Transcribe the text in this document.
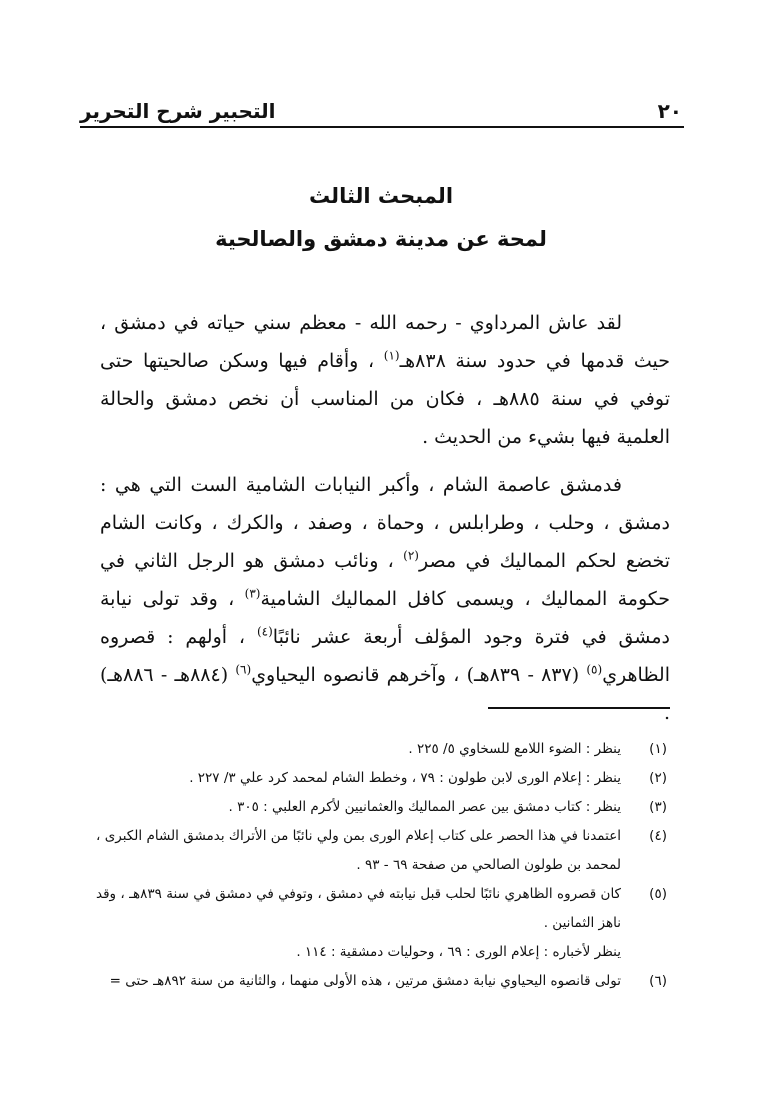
٢٠
التحبير شرح التحرير
المبحث الثالث
لمحة عن مدينة دمشق والصالحية

لقد عاش المرداوي - رحمه الله - معظم سني حياته في دمشق ، حيث قدمها في حدود سنة ٨٣٨هـ$^{(١)}$ ، وأقام فيها وسكن صالحيتها حتى توفي في سنة ٨٨٥هـ ، فكان من المناسب أن نخص دمشق والحالة العلمية فيها بشيء من الحديث .

فدمشق عاصمة الشام ، وأكبر النيابات الشامية الست التي هي : دمشق ، وحلب ، وطرابلس ، وحماة ، وصفد ، والكرك ، وكانت الشام تخضع لحكم المماليك في مصر$^{(٢)}$ ، ونائب دمشق هو الرجل الثاني في حكومة المماليك ، ويسمى كافل المماليك الشامية$^{(٣)}$ ، وقد تولى نيابة دمشق في فترة وجود المؤلف أربعة عشر نائبًا$^{(٤)}$ ، أولهم : قصروه الظاهري$^{(٥)}$ (٨٣٧ - ٨٣٩هـ) ، وآخرهم قانصوه اليحياوي$^{(٦)}$ (٨٨٤هـ - ٨٨٦هـ) .

(١)
ينظر : الضوء اللامع للسخاوي ٥/ ٢٢٥ .
(٢)
ينظر : إعلام الورى لابن طولون : ٧٩ ، وخطط الشام لمحمد كرد علي ٣/ ٢٢٧ .
(٣)
ينظر : كتاب دمشق بين عصر المماليك والعثمانيين لأكرم العلبي : ٣٠٥ .
(٤)
اعتمدنا في هذا الحصر على كتاب إعلام الورى بمن ولي نائبًا من الأتراك بدمشق الشام الكبرى ، لمحمد بن طولون الصالحي من صفحة ٦٩ - ٩٣ .
(٥)
كان قصروه الظاهري نائبًا لحلب قبل نيابته في دمشق ، وتوفي في دمشق في سنة ٨٣٩هـ ، وقد ناهز الثمانين .
ينظر لأخباره : إعلام الورى : ٦٩ ، وحوليات دمشقية : ١١٤ .
(٦)
تولى قانصوه اليحياوي نيابة دمشق مرتين ، هذه الأولى منهما ، والثانية من سنة ٨٩٢هـ حتى =
